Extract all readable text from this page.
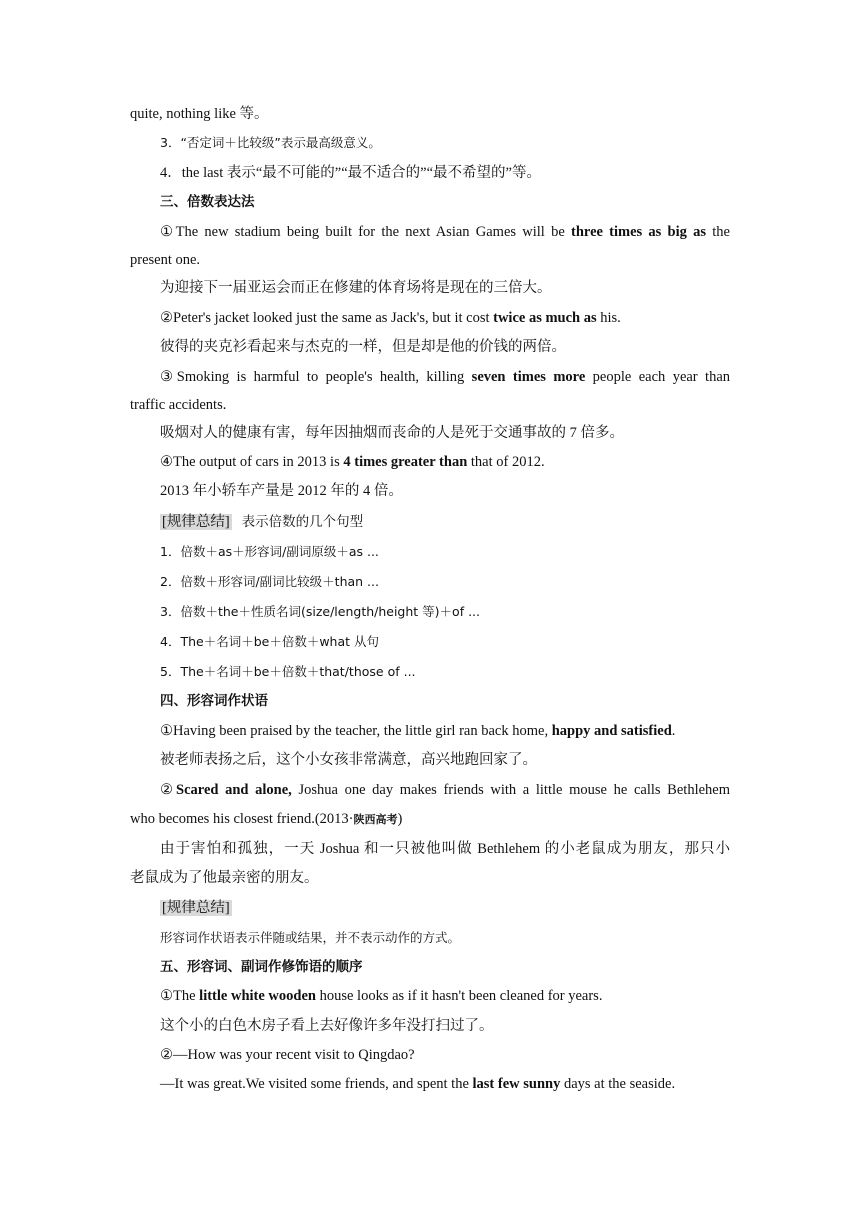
quite, nothing like 等。
3．“否定词＋比较级”表示最高级意义。
4．the last 表示“最不可能的”“最不适合的”“最不希望的”等。
三、倍数表达法
①The new stadium being built for the next Asian Games will be three times as big as the
present one.
为迎接下一届亚运会而正在修建的体育场将是现在的三倍大。
②Peter's jacket looked just the same as Jack's, but it cost twice as much as his.
彼得的夹克衫看起来与杰克的一样，但是却是他的价钱的两倍。
③Smoking is harmful to people's health, killing seven times more people each year than
traffic accidents.
吸烟对人的健康有害，每年因抽烟而丧命的人是死于交通事故的 7 倍多。
④The output of cars in 2013 is 4 times greater than that of 2012.
2013 年小轿车产量是 2012 年的 4 倍。
[规律总结] 表示倍数的几个句型
1．倍数＋as＋形容词/副词原级＋as ...
2．倍数＋形容词/副词比较级＋than ...
3．倍数＋the＋性质名词(size/length/height 等)＋of ...
4．The＋名词＋be＋倍数＋what 从句
5．The＋名词＋be＋倍数＋that/those of ...
四、形容词作状语
①Having been praised by the teacher, the little girl ran back home, happy and satisfied.
被老师表扬之后，这个小女孩非常满意，高兴地跑回家了。
②Scared and alone, Joshua one day makes friends with a little mouse he calls Bethlehem
who becomes his closest friend.(2013·陕西高考)
由于害怕和孤独，一天 Joshua 和一只被他叫做 Bethlehem 的小老鼠成为朋友，那只小
老鼠成为了他最亲密的朋友。
[规律总结]
形容词作状语表示伴随或结果，并不表示动作的方式。
五、形容词、副词作修饰语的顺序
①The little white wooden house looks as if it hasn't been cleaned for years.
这个小的白色木房子看上去好像许多年没打扫过了。
②—How was your recent visit to Qingdao?
—It was great.We visited some friends, and spent the last few sunny days at the seaside.
